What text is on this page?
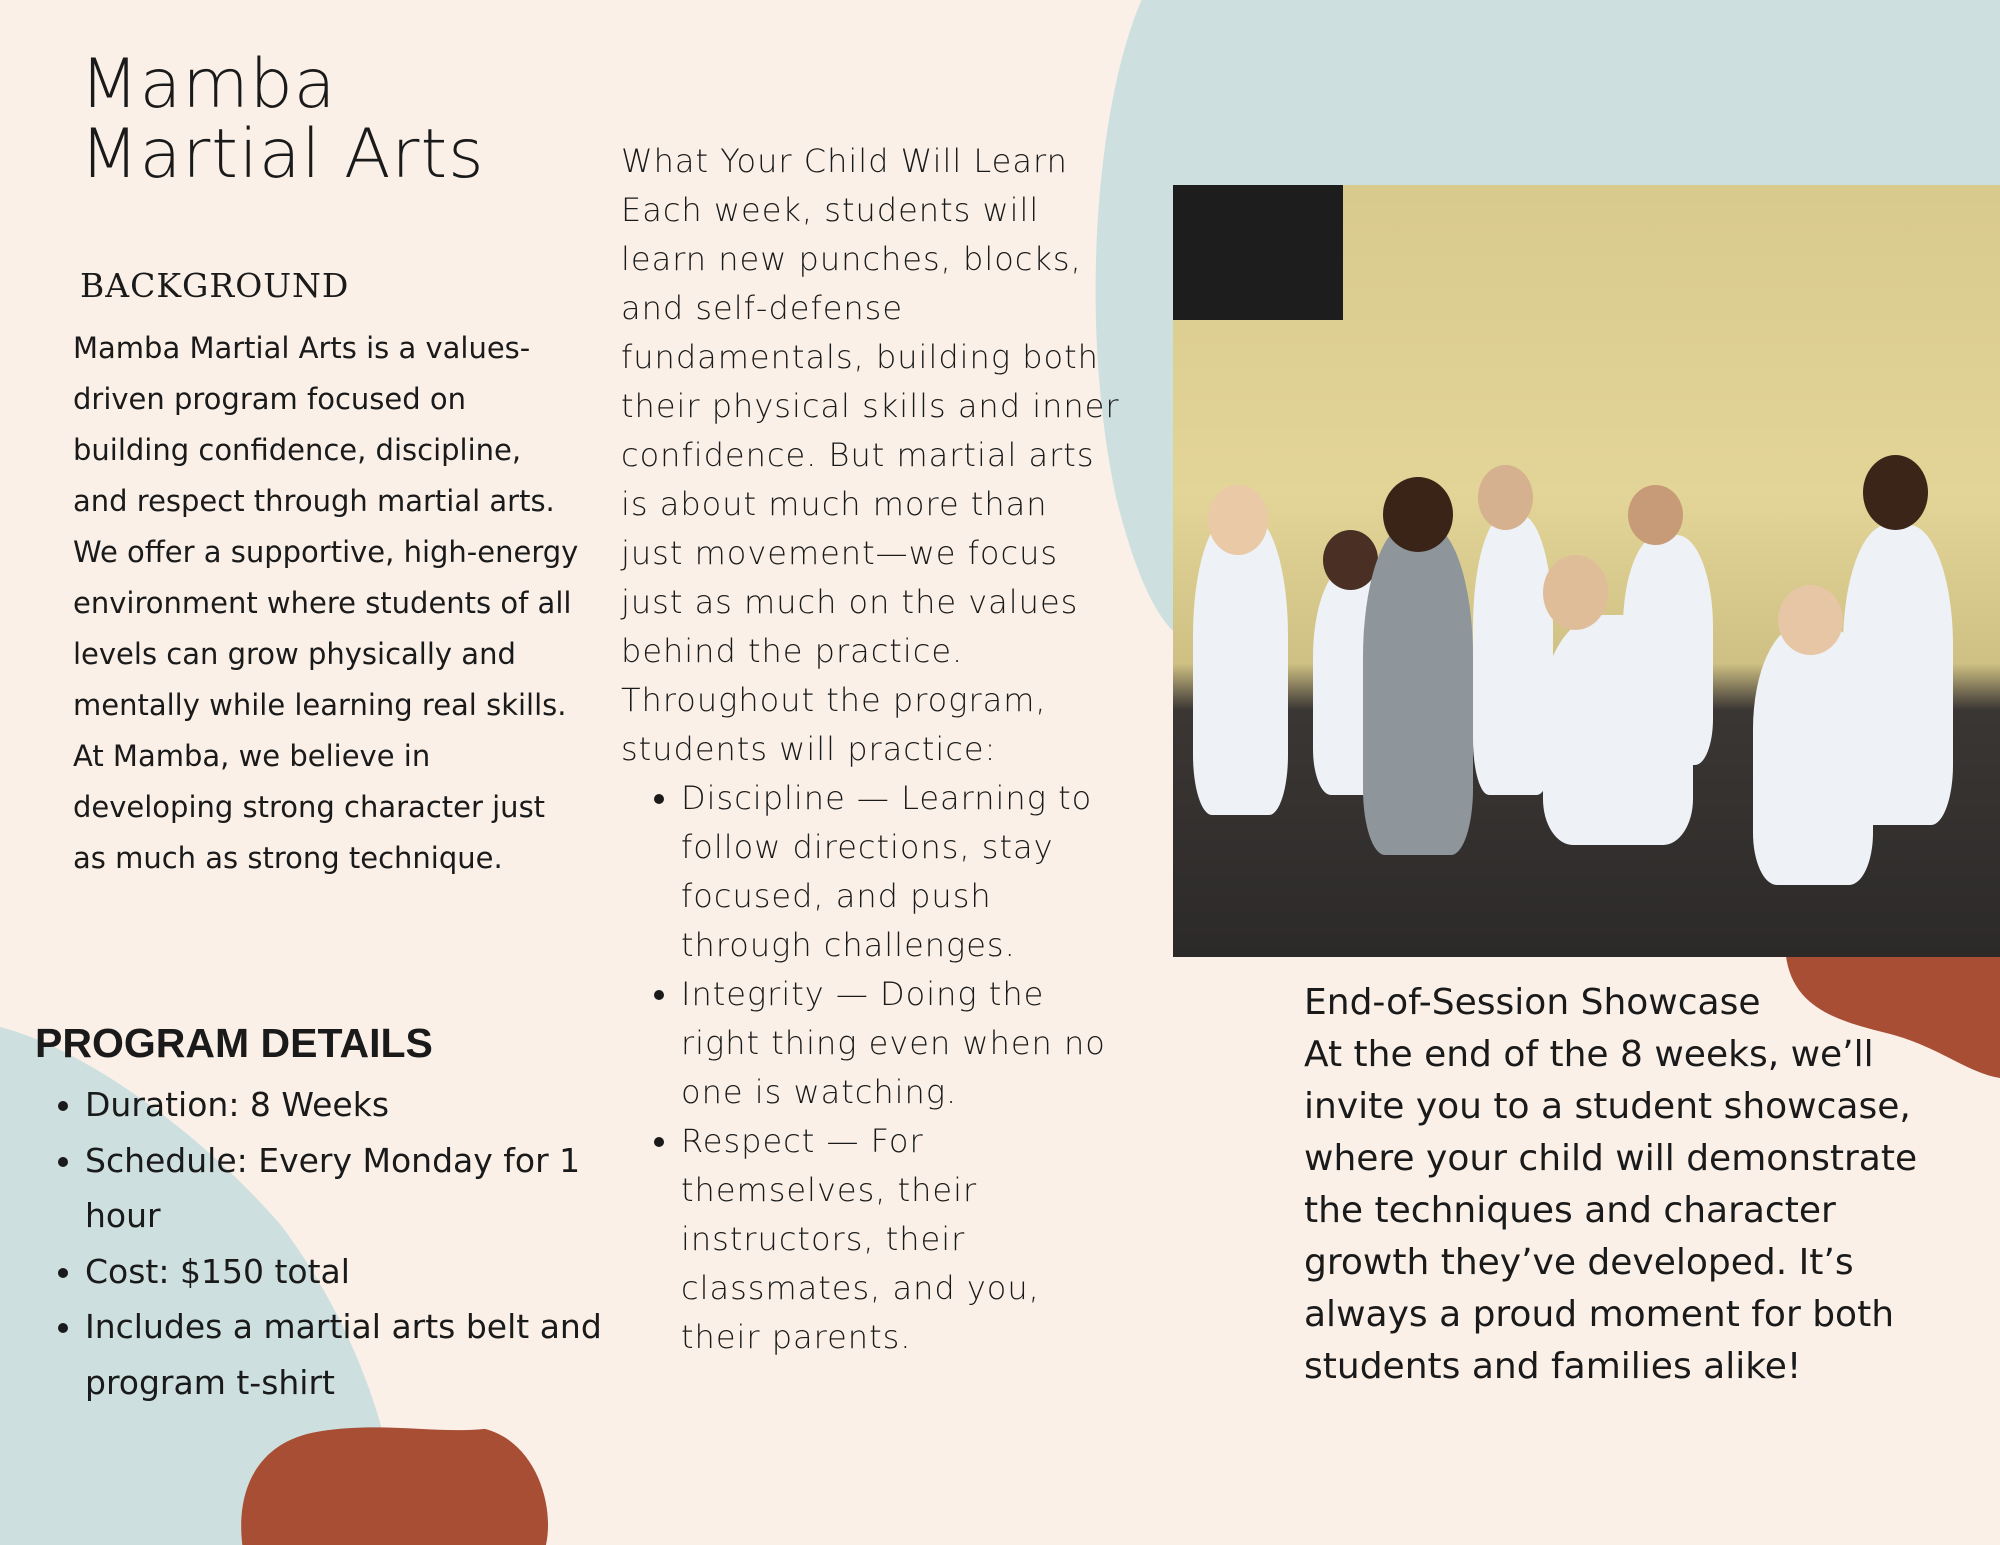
Mamba
Martial Arts
BACKGROUND
Mamba Martial Arts is a values-driven program focused on building confidence, discipline, and respect through martial arts. We offer a supportive, high-energy environment where students of all levels can grow physically and mentally while learning real skills. At Mamba, we believe in developing strong character just as much as strong technique.
PROGRAM DETAILS
• Duration: 8 Weeks
• Schedule: Every Monday for 1 hour
• Cost: $150 total
• Includes a martial arts belt and program t-shirt
What Your Child Will Learn
Each week, students will learn new punches, blocks, and self-defense fundamentals, building both their physical skills and inner confidence. But martial arts is about much more than just movement—we focus just as much on the values behind the practice. Throughout the program, students will practice:
• Discipline — Learning to follow directions, stay focused, and push through challenges.
• Integrity — Doing the right thing even when no one is watching.
• Respect — For themselves, their instructors, their classmates, and you, their parents.
End-of-Session Showcase
At the end of the 8 weeks, we’ll invite you to a student showcase, where your child will demonstrate the techniques and character growth they’ve developed. It’s always a proud moment for both students and families alike!
